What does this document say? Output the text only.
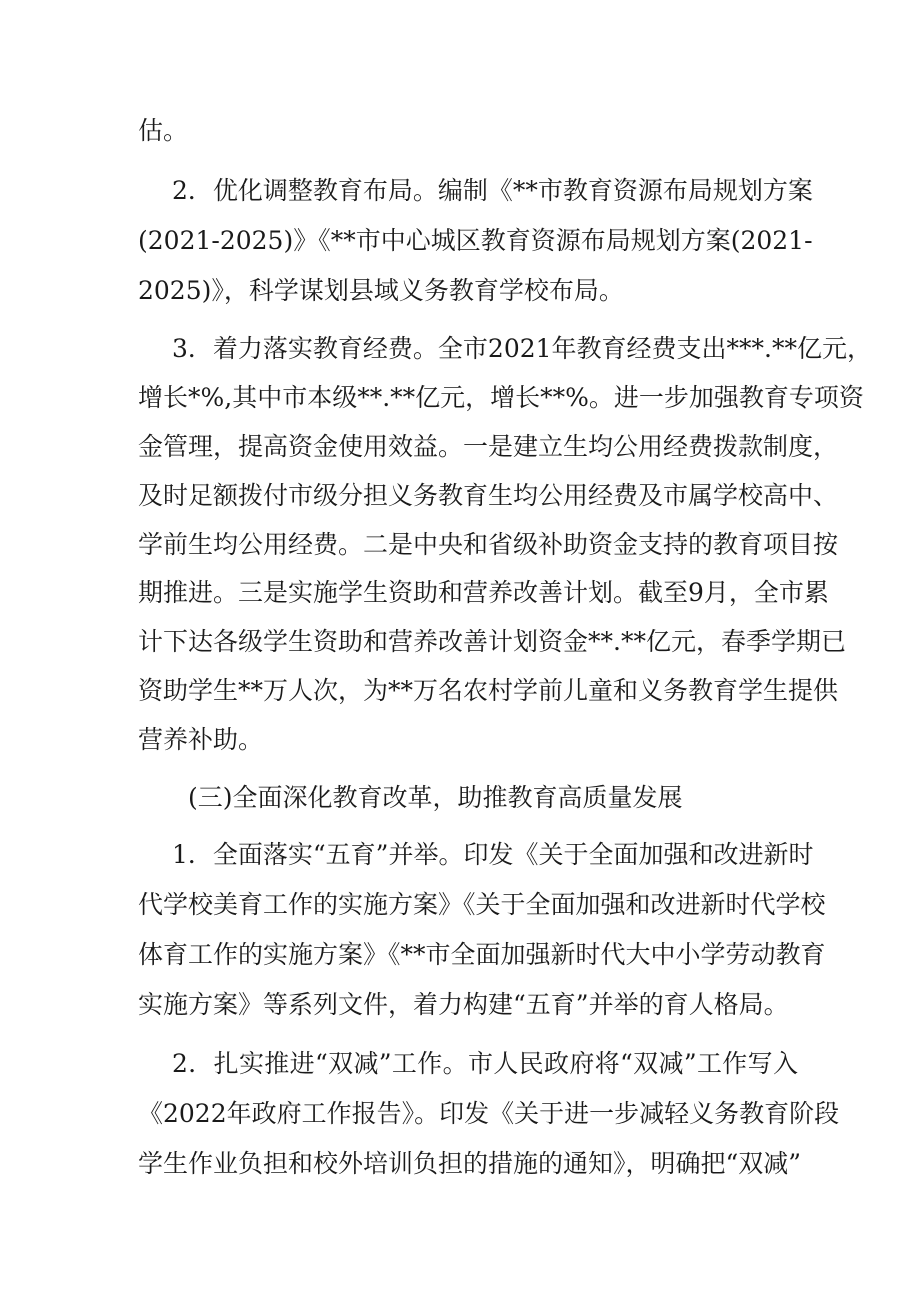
估。
2．优化调整教育布局。编制《**市教育资源布局规划方案
(2021-2025)》《**市中心城区教育资源布局规划方案(2021-
2025)》，科学谋划县域义务教育学校布局。
3．着力落实教育经费。全市2021年教育经费支出***.**亿元，
增长*%,其中市本级**.**亿元，增长**%。进一步加强教育专项资
金管理，提高资金使用效益。一是建立生均公用经费拨款制度，
及时足额拨付市级分担义务教育生均公用经费及市属学校高中、
学前生均公用经费。二是中央和省级补助资金支持的教育项目按
期推进。三是实施学生资助和营养改善计划。截至9月，全市累
计下达各级学生资助和营养改善计划资金**.**亿元，春季学期已
资助学生**万人次，为**万名农村学前儿童和义务教育学生提供
营养补助。
(三)全面深化教育改革，助推教育高质量发展
1．全面落实“五育”并举。印发《关于全面加强和改进新时
代学校美育工作的实施方案》《关于全面加强和改进新时代学校
体育工作的实施方案》《**市全面加强新时代大中小学劳动教育
实施方案》等系列文件，着力构建“五育”并举的育人格局。
2．扎实推进“双减”工作。市人民政府将“双减”工作写入
《2022年政府工作报告》。印发《关于进一步减轻义务教育阶段
学生作业负担和校外培训负担的措施的通知》，明确把“双减”
